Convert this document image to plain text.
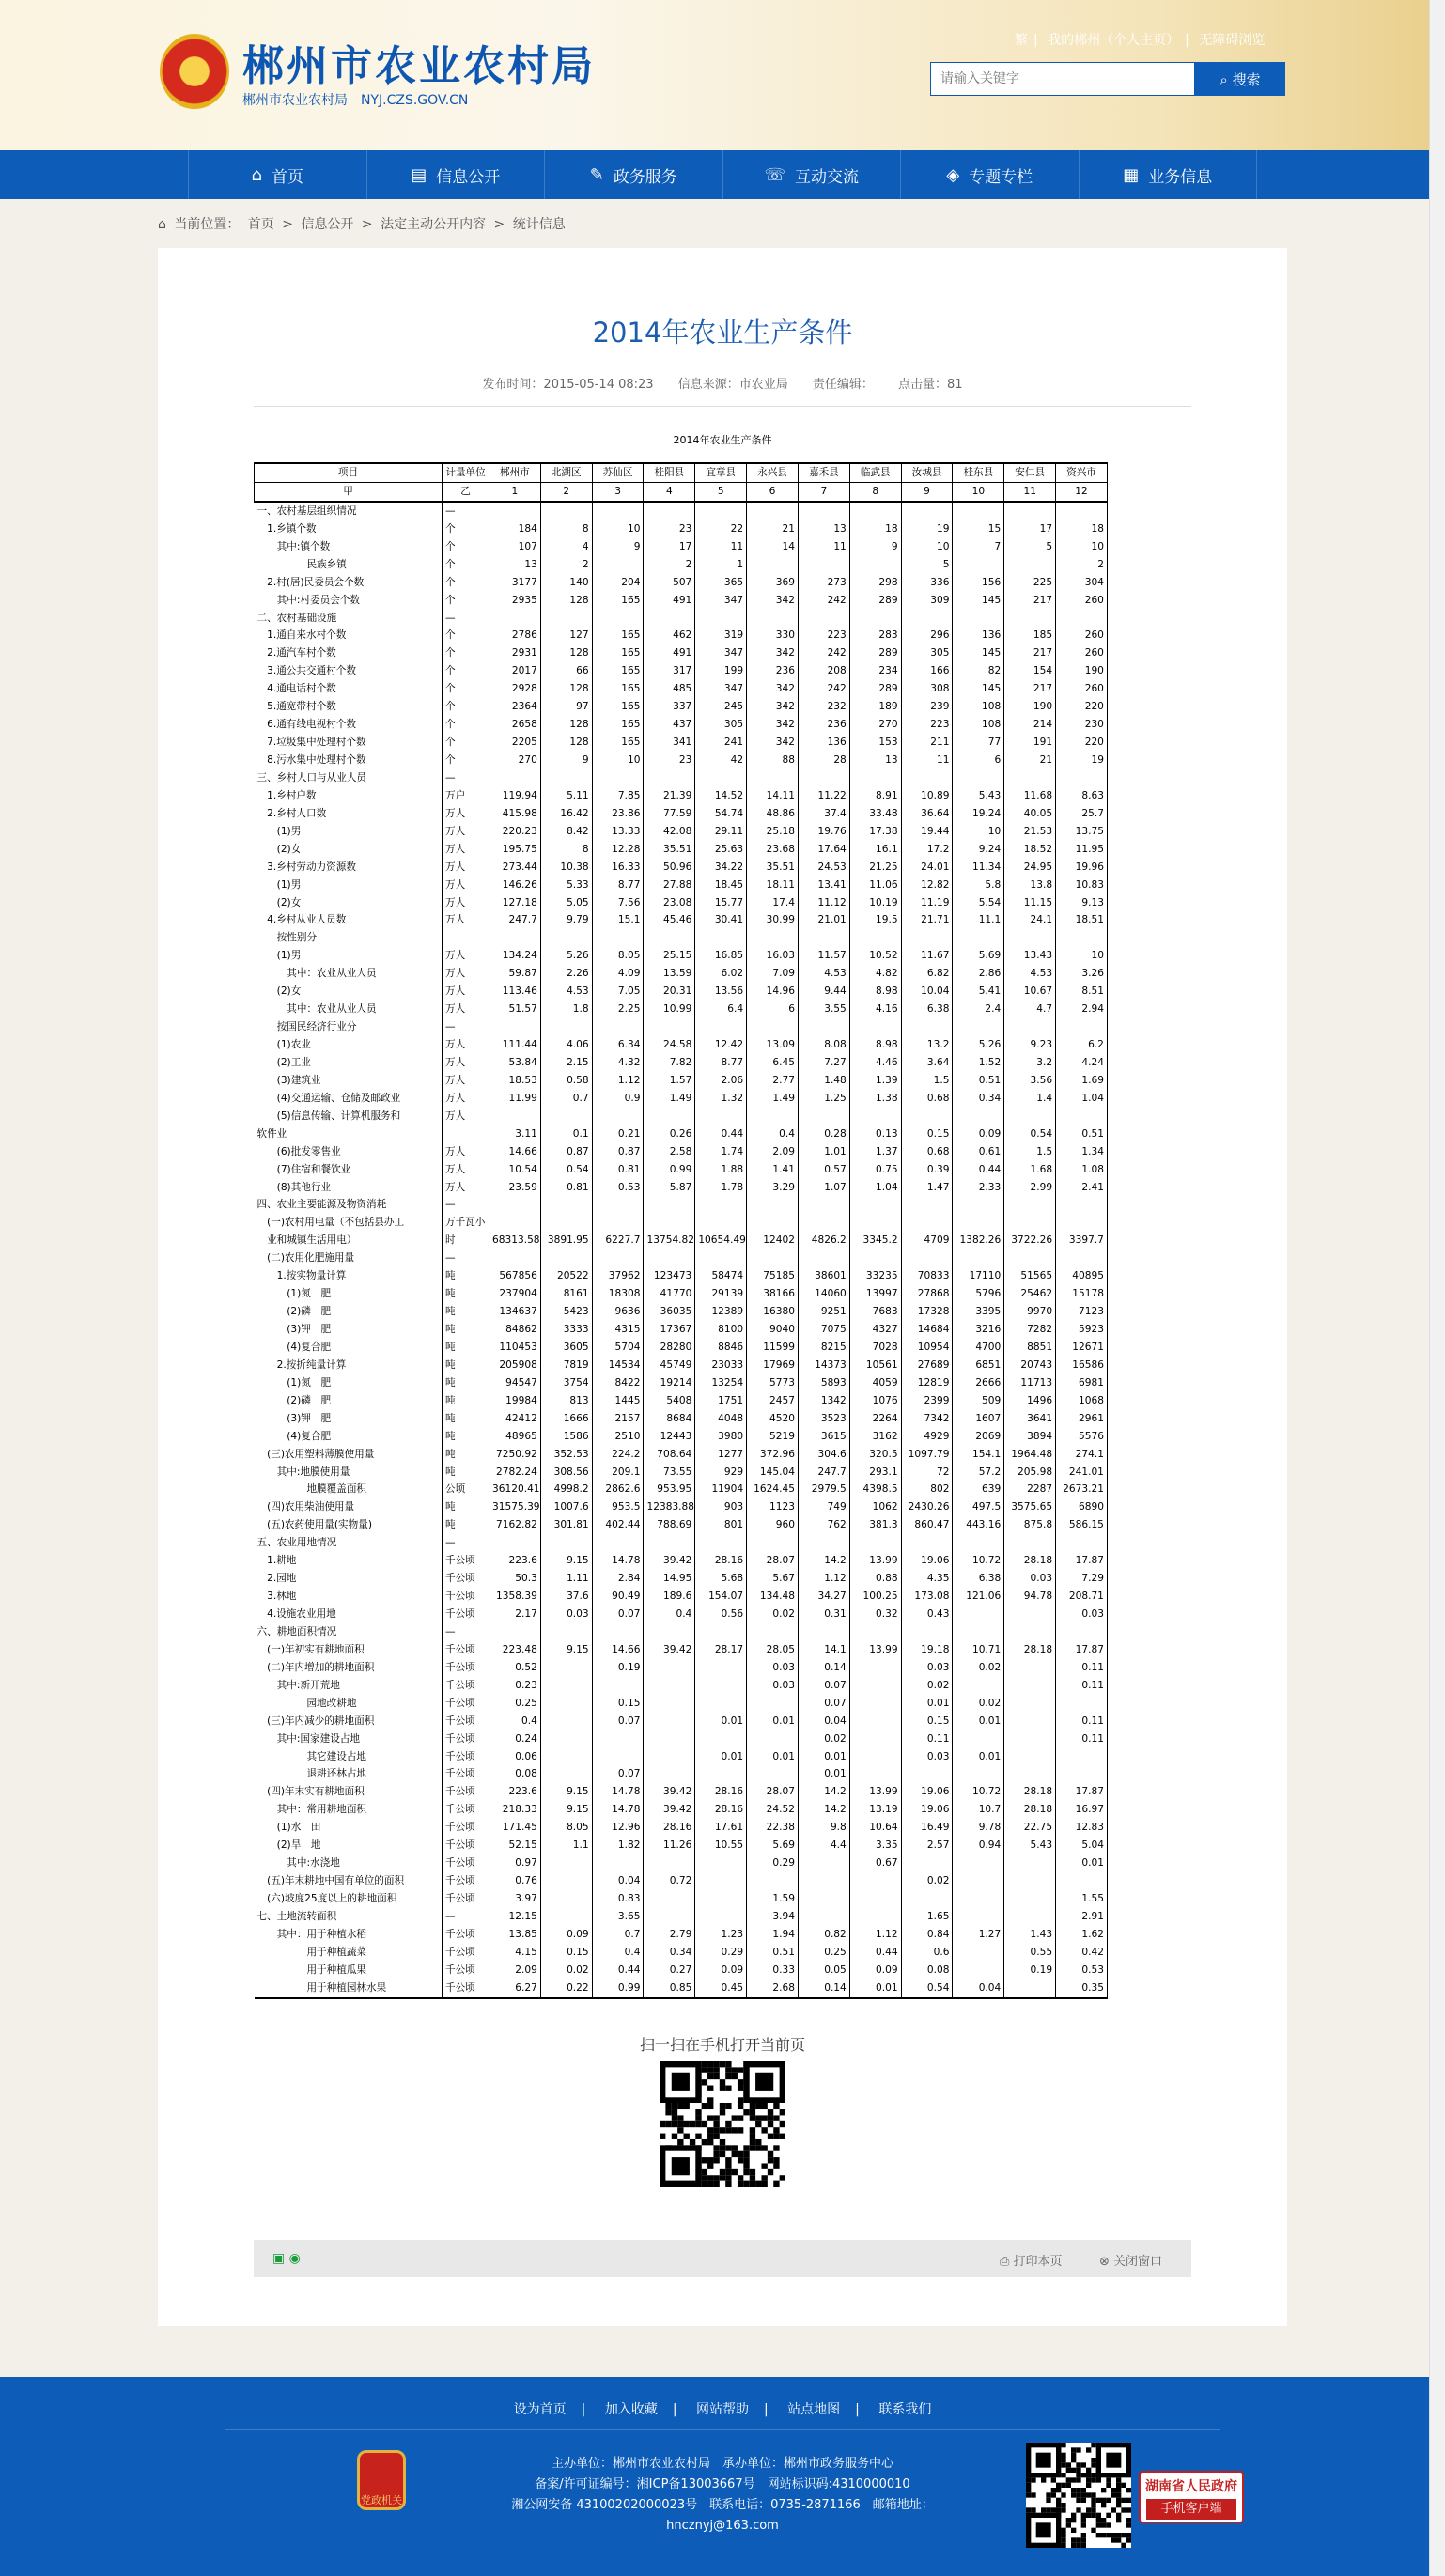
郴州市农业农村局
郴州市农业农村局　NYJ.CZS.GOV.CN
繁 | 我的郴州（个人主页） | 无障碍浏览
请输入关键字
⌕ 搜索
⌂ 首页	▤ 信息公开	✎ 政务服务	☏ 互动交流	◈ 专题专栏	▦ 业务信息
⌂ 当前位置： 首页 > 信息公开 > 法定主动公开内容 > 统计信息
2014年农业生产条件
发布时间：2015-05-14 08:23 信息来源：市农业局 责任编辑： 点击量：81
2014年农业生产条件
项目	计量单位	郴州市	北湖区	苏仙区	桂阳县	宜章县	永兴县	嘉禾县	临武县	汝城县	桂东县	安仁县	资兴市
甲	乙	1	2	3	4	5	6	7	8	9	10	11	12
一、农村基层组织情况	—												
　1.乡镇个数	个	184	8	10	23	22	21	13	18	19	15	17	18
　　其中:镇个数	个	107	4	9	17	11	14	11	9	10	7	5	10
　　　　　民族乡镇	个	13	2		2	1				5			2
　2.村(居)民委员会个数	个	3177	140	204	507	365	369	273	298	336	156	225	304
　　其中:村委员会个数	个	2935	128	165	491	347	342	242	289	309	145	217	260
二、农村基础设施	—												
　1.通自来水村个数	个	2786	127	165	462	319	330	223	283	296	136	185	260
　2.通汽车村个数	个	2931	128	165	491	347	342	242	289	305	145	217	260
　3.通公共交通村个数	个	2017	66	165	317	199	236	208	234	166	82	154	190
　4.通电话村个数	个	2928	128	165	485	347	342	242	289	308	145	217	260
　5.通宽带村个数	个	2364	97	165	337	245	342	232	189	239	108	190	220
　6.通有线电视村个数	个	2658	128	165	437	305	342	236	270	223	108	214	230
　7.垃圾集中处理村个数	个	2205	128	165	341	241	342	136	153	211	77	191	220
　8.污水集中处理村个数	个	270	9	10	23	42	88	28	13	11	6	21	19
三、乡村人口与从业人员	—												
　1.乡村户数	万户	119.94	5.11	7.85	21.39	14.52	14.11	11.22	8.91	10.89	5.43	11.68	8.63
　2.乡村人口数	万人	415.98	16.42	23.86	77.59	54.74	48.86	37.4	33.48	36.64	19.24	40.05	25.7
　　(1)男	万人	220.23	8.42	13.33	42.08	29.11	25.18	19.76	17.38	19.44	10	21.53	13.75
　　(2)女	万人	195.75	8	12.28	35.51	25.63	23.68	17.64	16.1	17.2	9.24	18.52	11.95
　3.乡村劳动力资源数	万人	273.44	10.38	16.33	50.96	34.22	35.51	24.53	21.25	24.01	11.34	24.95	19.96
　　(1)男	万人	146.26	5.33	8.77	27.88	18.45	18.11	13.41	11.06	12.82	5.8	13.8	10.83
　　(2)女	万人	127.18	5.05	7.56	23.08	15.77	17.4	11.12	10.19	11.19	5.54	11.15	9.13
　4.乡村从业人员数	万人	247.7	9.79	15.1	45.46	30.41	30.99	21.01	19.5	21.71	11.1	24.1	18.51
　　按性别分													
　　(1)男	万人	134.24	5.26	8.05	25.15	16.85	16.03	11.57	10.52	11.67	5.69	13.43	10
　　　其中：农业从业人员	万人	59.87	2.26	4.09	13.59	6.02	7.09	4.53	4.82	6.82	2.86	4.53	3.26
　　(2)女	万人	113.46	4.53	7.05	20.31	13.56	14.96	9.44	8.98	10.04	5.41	10.67	8.51
　　　其中：农业从业人员	万人	51.57	1.8	2.25	10.99	6.4	6	3.55	4.16	6.38	2.4	4.7	2.94
　　按国民经济行业分	—												
　　(1)农业	万人	111.44	4.06	6.34	24.58	12.42	13.09	8.08	8.98	13.2	5.26	9.23	6.2
　　(2)工业	万人	53.84	2.15	4.32	7.82	8.77	6.45	7.27	4.46	3.64	1.52	3.2	4.24
　　(3)建筑业	万人	18.53	0.58	1.12	1.57	2.06	2.77	1.48	1.39	1.5	0.51	3.56	1.69
　　(4)交通运输、仓储及邮政业	万人	11.99	0.7	0.9	1.49	1.32	1.49	1.25	1.38	0.68	0.34	1.4	1.04
　　(5)信息传输、计算机服务和	万人												
软件业		3.11	0.1	0.21	0.26	0.44	0.4	0.28	0.13	0.15	0.09	0.54	0.51
　　(6)批发零售业	万人	14.66	0.87	0.87	2.58	1.74	2.09	1.01	1.37	0.68	0.61	1.5	1.34
　　(7)住宿和餐饮业	万人	10.54	0.54	0.81	0.99	1.88	1.41	0.57	0.75	0.39	0.44	1.68	1.08
　　(8)其他行业	万人	23.59	0.81	0.53	5.87	1.78	3.29	1.07	1.04	1.47	2.33	2.99	2.41
四、农业主要能源及物资消耗	—												
　(一)农村用电量（不包括县办工	万千瓦小												
　业和城镇生活用电）	时	68313.58	3891.95	6227.7	13754.82	10654.49	12402	4826.2	3345.2	4709	1382.26	3722.26	3397.7
　(二)农用化肥施用量	—												
　　1.按实物量计算	吨	567856	20522	37962	123473	58474	75185	38601	33235	70833	17110	51565	40895
　　　(1)氮　肥	吨	237904	8161	18308	41770	29139	38166	14060	13997	27868	5796	25462	15178
　　　(2)磷　肥	吨	134637	5423	9636	36035	12389	16380	9251	7683	17328	3395	9970	7123
　　　(3)钾　肥	吨	84862	3333	4315	17367	8100	9040	7075	4327	14684	3216	7282	5923
　　　(4)复合肥	吨	110453	3605	5704	28280	8846	11599	8215	7028	10954	4700	8851	12671
　　2.按折纯量计算	吨	205908	7819	14534	45749	23033	17969	14373	10561	27689	6851	20743	16586
　　　(1)氮　肥	吨	94547	3754	8422	19214	13254	5773	5893	4059	12819	2666	11713	6981
　　　(2)磷　肥	吨	19984	813	1445	5408	1751	2457	1342	1076	2399	509	1496	1068
　　　(3)钾　肥	吨	42412	1666	2157	8684	4048	4520	3523	2264	7342	1607	3641	2961
　　　(4)复合肥	吨	48965	1586	2510	12443	3980	5219	3615	3162	4929	2069	3894	5576
　(三)农用塑料薄膜使用量	吨	7250.92	352.53	224.2	708.64	1277	372.96	304.6	320.5	1097.79	154.1	1964.48	274.1
　　其中:地膜使用量	吨	2782.24	308.56	209.1	73.55	929	145.04	247.7	293.1	72	57.2	205.98	241.01
　　　　　地膜覆盖面积	公顷	36120.41	4998.2	2862.6	953.95	11904	1624.45	2979.5	4398.5	802	639	2287	2673.21
　(四)农用柴油使用量	吨	31575.39	1007.6	953.5	12383.88	903	1123	749	1062	2430.26	497.5	3575.65	6890
　(五)农药使用量(实物量)	吨	7162.82	301.81	402.44	788.69	801	960	762	381.3	860.47	443.16	875.8	586.15
五、农业用地情况	—												
　1.耕地	千公顷	223.6	9.15	14.78	39.42	28.16	28.07	14.2	13.99	19.06	10.72	28.18	17.87
　2.园地	千公顷	50.3	1.11	2.84	14.95	5.68	5.67	1.12	0.88	4.35	6.38	0.03	7.29
　3.林地	千公顷	1358.39	37.6	90.49	189.6	154.07	134.48	34.27	100.25	173.08	121.06	94.78	208.71
　4.设施农业用地	千公顷	2.17	0.03	0.07	0.4	0.56	0.02	0.31	0.32	0.43			0.03
六、耕地面积情况	—												
　(一)年初实有耕地面积	千公顷	223.48	9.15	14.66	39.42	28.17	28.05	14.1	13.99	19.18	10.71	28.18	17.87
　(二)年内增加的耕地面积	千公顷	0.52		0.19			0.03	0.14		0.03	0.02		0.11
　　其中:新开荒地	千公顷	0.23					0.03	0.07		0.02			0.11
　　　　　园地改耕地	千公顷	0.25		0.15				0.07		0.01	0.02		
　(三)年内减少的耕地面积	千公顷	0.4		0.07		0.01	0.01	0.04		0.15	0.01		0.11
　　其中:国家建设占地	千公顷	0.24						0.02		0.11			0.11
　　　　　其它建设占地	千公顷	0.06				0.01	0.01	0.01		0.03	0.01		
　　　　　退耕还林占地	千公顷	0.08		0.07				0.01					
　(四)年末实有耕地面积	千公顷	223.6	9.15	14.78	39.42	28.16	28.07	14.2	13.99	19.06	10.72	28.18	17.87
　　其中：常用耕地面积	千公顷	218.33	9.15	14.78	39.42	28.16	24.52	14.2	13.19	19.06	10.7	28.18	16.97
　　(1)水　田	千公顷	171.45	8.05	12.96	28.16	17.61	22.38	9.8	10.64	16.49	9.78	22.75	12.83
　　(2)旱　地	千公顷	52.15	1.1	1.82	11.26	10.55	5.69	4.4	3.35	2.57	0.94	5.43	5.04
　　　其中:水浇地	千公顷	0.97					0.29		0.67				0.01
　(五)年末耕地中国有单位的面积	千公顷	0.76		0.04	0.72					0.02			
　(六)坡度25度以上的耕地面积	千公顷	3.97		0.83			1.59						1.55
七、土地流转面积	—	12.15		3.65			3.94			1.65			2.91
　　其中：用于种植水稻	千公顷	13.85	0.09	0.7	2.79	1.23	1.94	0.82	1.12	0.84	1.27	1.43	1.62
　　　　　用于种植蔬菜	千公顷	4.15	0.15	0.4	0.34	0.29	0.51	0.25	0.44	0.6		0.55	0.42
　　　　　用于种植瓜果	千公顷	2.09	0.02	0.44	0.27	0.09	0.33	0.05	0.09	0.08		0.19	0.53
　　　　　用于种植园林水果	千公顷	6.27	0.22	0.99	0.85	0.45	2.68	0.14	0.01	0.54	0.04		0.35
扫一扫在手机打开当前页
▣ ◉	⎙ 打印本页	⊗ 关闭窗口
设为首页 | 加入收藏 | 网站帮助 | 站点地图 | 联系我们
党政机关
主办单位：郴州市农业农村局　承办单位：郴州市政务服务中心
备案/许可证编号：湘ICP备13003667号　网站标识码:4310000010
湘公网安备 43100202000023号　联系电话：0735-2871166　邮箱地址：
hncznyj@163.com
湖南省人民政府
手机客户端
